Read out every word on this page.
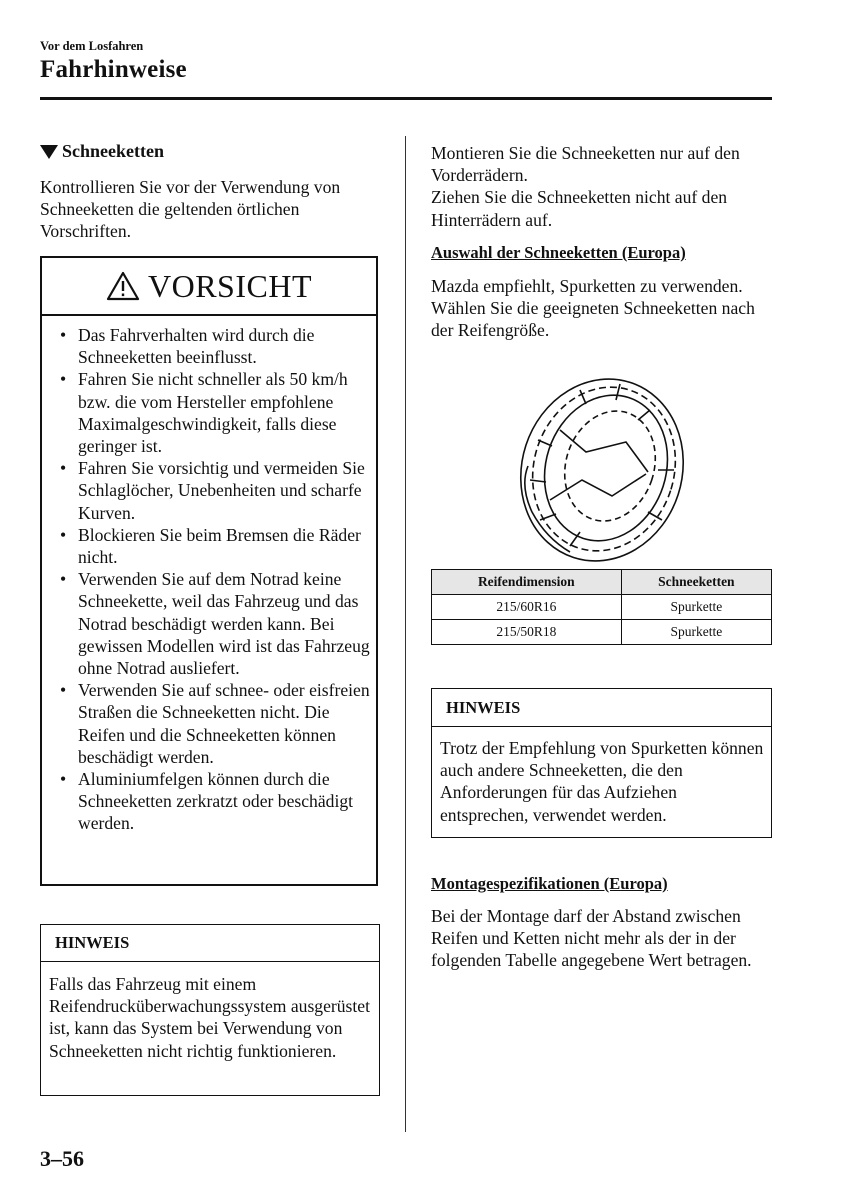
Vor dem Losfahren
Fahrhinweise
Schneeketten
Kontrollieren Sie vor der Verwendung von Schneeketten die geltenden örtlichen Vorschriften.
VORSICHT
• Das Fahrverhalten wird durch die Schneeketten beeinflusst.
• Fahren Sie nicht schneller als 50 km/h bzw. die vom Hersteller empfohlene Maximalgeschwindigkeit, falls diese geringer ist.
• Fahren Sie vorsichtig und vermeiden Sie Schlaglöcher, Unebenheiten und scharfe Kurven.
• Blockieren Sie beim Bremsen die Räder nicht.
• Verwenden Sie auf dem Notrad keine Schneekette, weil das Fahrzeug und das Notrad beschädigt werden kann. Bei gewissen Modellen wird ist das Fahrzeug ohne Notrad ausliefert.
• Verwenden Sie auf schnee- oder eisfreien Straßen die Schneeketten nicht. Die Reifen und die Schneeketten können beschädigt werden.
• Aluminiumfelgen können durch die Schneeketten zerkratzt oder beschädigt werden.
HINWEIS
Falls das Fahrzeug mit einem Reifendrucküberwachungssystem ausgerüstet ist, kann das System bei Verwendung von Schneeketten nicht richtig funktionieren.
Montieren Sie die Schneeketten nur auf den Vorderrädern.
Ziehen Sie die Schneeketten nicht auf den Hinterrädern auf.
Auswahl der Schneeketten (Europa)
Mazda empfiehlt, Spurketten zu verwenden. Wählen Sie die geeigneten Schneeketten nach der Reifengröße.
Reifendimension	Schneeketten
215/60R16	Spurkette
215/50R18	Spurkette
HINWEIS
Trotz der Empfehlung von Spurketten können auch andere Schneeketten, die den Anforderungen für das Aufziehen entsprechen, verwendet werden.
Montagespezifikationen (Europa)
Bei der Montage darf der Abstand zwischen Reifen und Ketten nicht mehr als der in der folgenden Tabelle angegebene Wert betragen.
3–56
